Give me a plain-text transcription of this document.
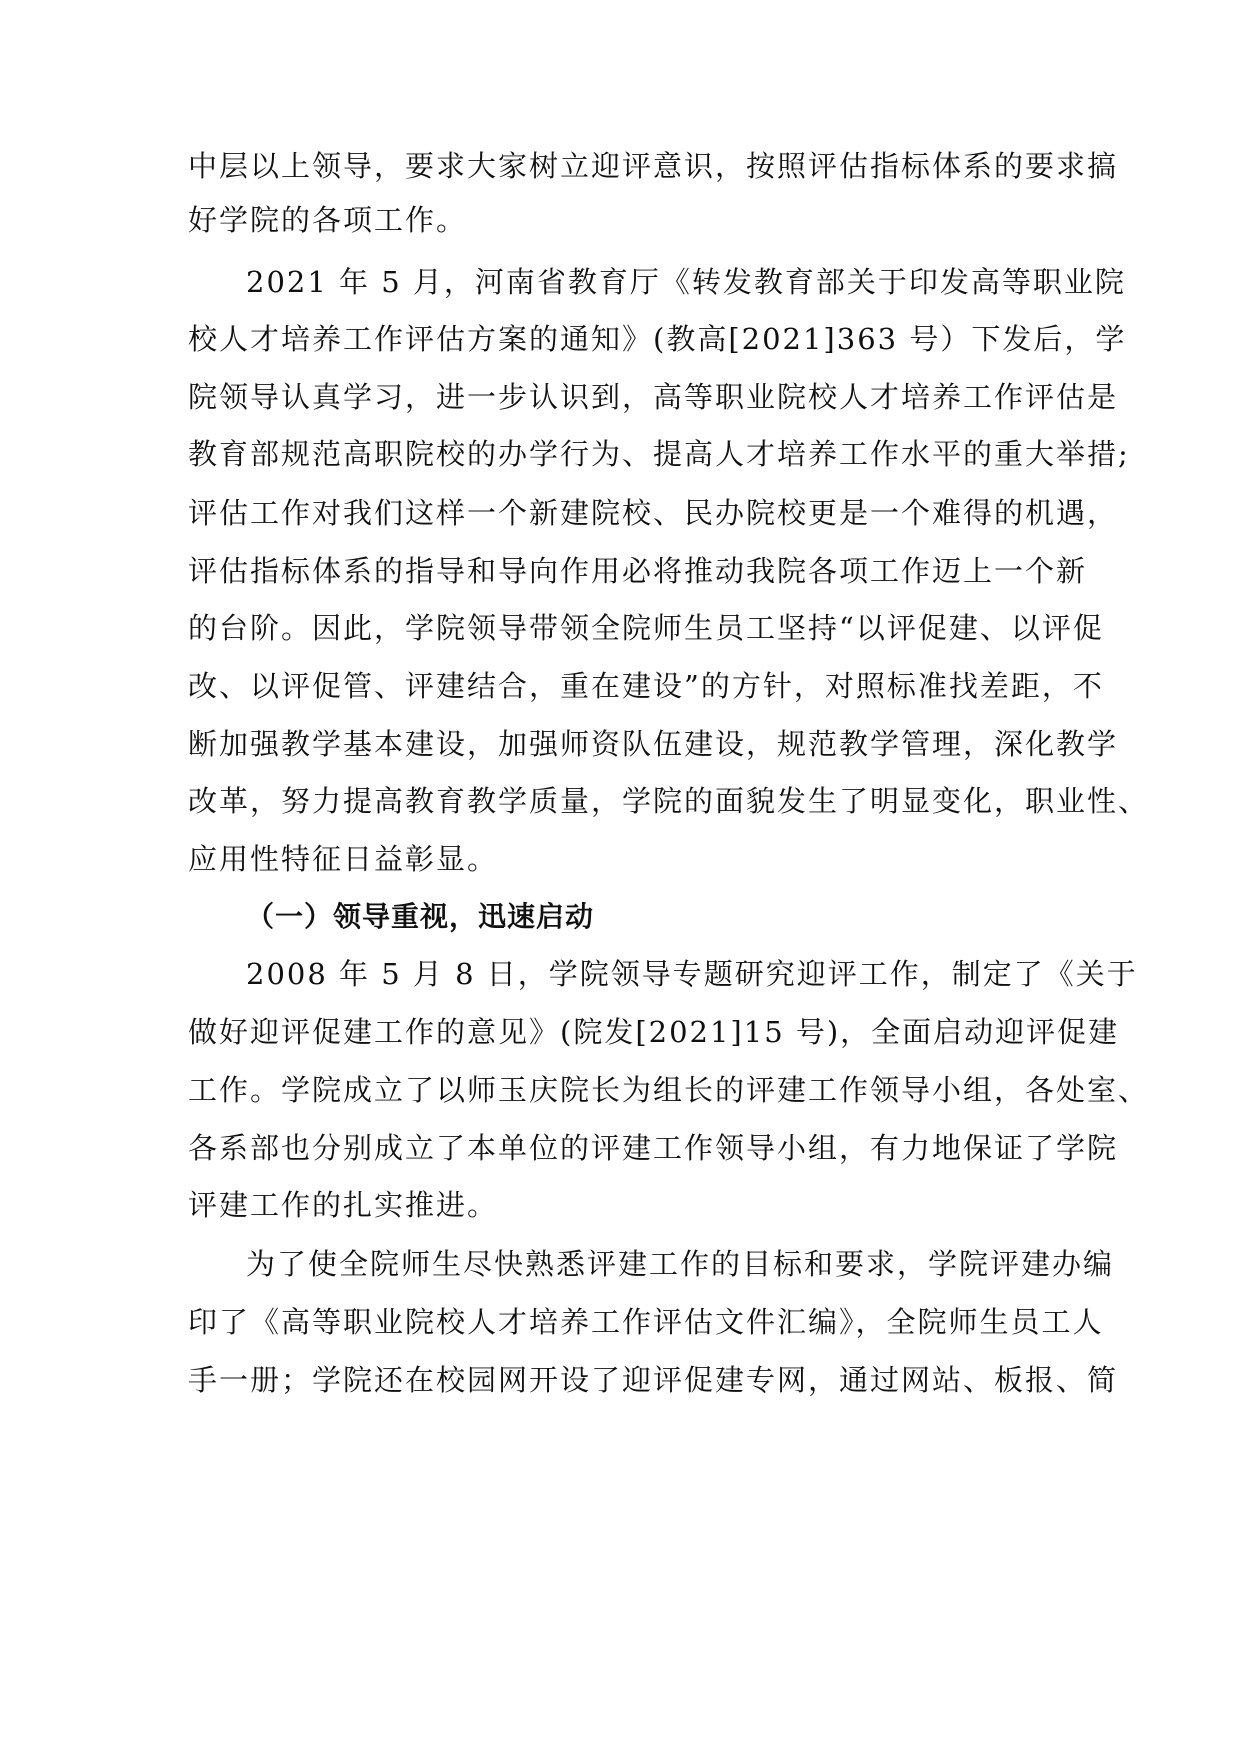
中层以上领导，要求大家树立迎评意识，按照评估指标体系的要求搞
好学院的各项工作。
2021 年 5 月，河南省教育厅《转发教育部关于印发高等职业院
校人才培养工作评估方案的通知》(教高[2021]363 号）下发后，学
院领导认真学习，进一步认识到，高等职业院校人才培养工作评估是
教育部规范高职院校的办学行为、提高人才培养工作水平的重大举措;
评估工作对我们这样一个新建院校、民办院校更是一个难得的机遇，
评估指标体系的指导和导向作用必将推动我院各项工作迈上一个新
的台阶。因此，学院领导带领全院师生员工坚持“以评促建、以评促
改、以评促管、评建结合，重在建设”的方针，对照标准找差距，不
断加强教学基本建设，加强师资队伍建设，规范教学管理，深化教学
改革，努力提高教育教学质量，学院的面貌发生了明显变化，职业性、
应用性特征日益彰显。
（一）领导重视，迅速启动
2008 年 5 月 8 日，学院领导专题研究迎评工作，制定了《关于
做好迎评促建工作的意见》(院发[2021]15 号)，全面启动迎评促建
工作。学院成立了以师玉庆院长为组长的评建工作领导小组，各处室、
各系部也分别成立了本单位的评建工作领导小组，有力地保证了学院
评建工作的扎实推进。
为了使全院师生尽快熟悉评建工作的目标和要求，学院评建办编
印了《高等职业院校人才培养工作评估文件汇编》，全院师生员工人
手一册；学院还在校园网开设了迎评促建专网，通过网站、板报、简
